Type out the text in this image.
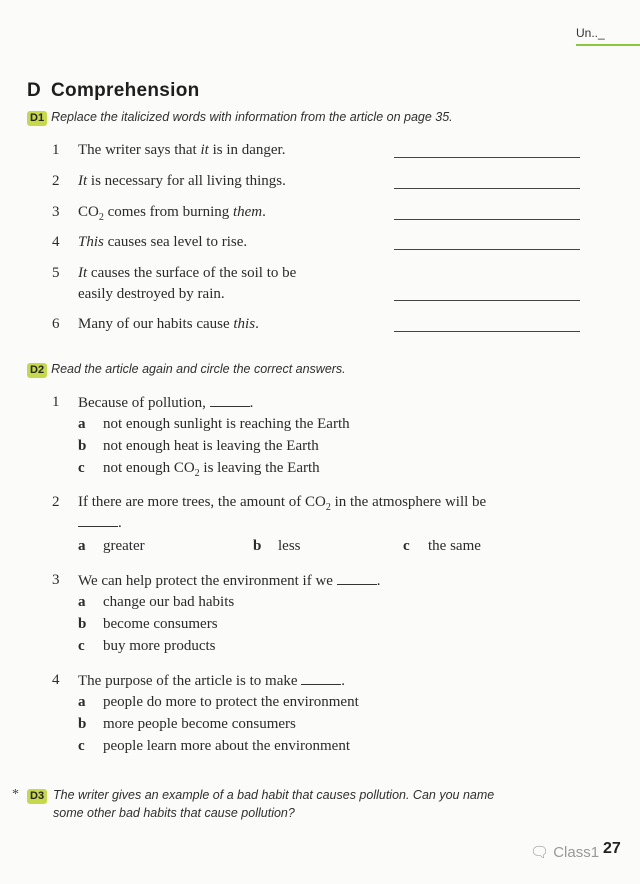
Un.._
D Comprehension
D1 Replace the italicized words with information from the article on page 35.
1 The writer says that it is in danger.
2 It is necessary for all living things.
3 $CO_2$ comes from burning them.
4 This causes sea level to rise.
5 It causes the surface of the soil to be
easily destroyed by rain.
6 Many of our habits cause this.
D2 Read the article again and circle the correct answers.
1 Because of pollution,	.
a not enough sunlight is reaching the Earth
b not enough heat is leaving the Earth
c not enough $CO_2$ is leaving the Earth
2 If there are more trees, the amount of $CO_2$ in the atmosphere will be
.
a greater	b less	c the same
3 We can help protect the environment if we	.
a change our bad habits
b become consumers
c buy more products
4 The purpose of the article is to make	.
a people do more to protect the environment
b more people become consumers
c people learn more about the environment
* D3 The writer gives an example of a bad habit that causes pollution. Can you name
some other bad habits that cause pollution?
🗨 Class1 27
